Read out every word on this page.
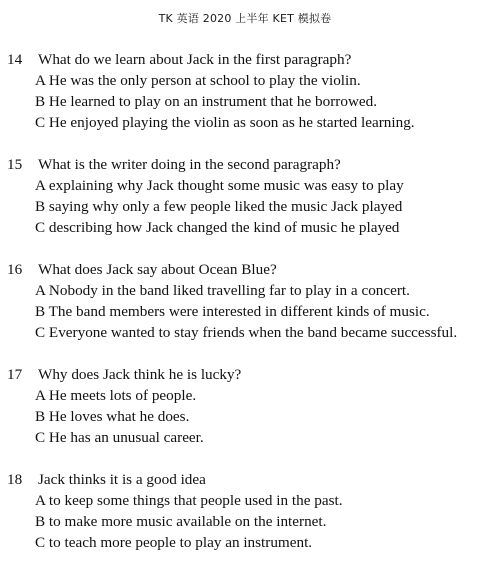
TK 英语 2020 上半年 KET 模拟卷
14 What do we learn about Jack in the first paragraph?
A He was the only person at school to play the violin.
B He learned to play on an instrument that he borrowed.
C He enjoyed playing the violin as soon as he started learning.
15 What is the writer doing in the second paragraph?
A explaining why Jack thought some music was easy to play
B saying why only a few people liked the music Jack played
C describing how Jack changed the kind of music he played
16 What does Jack say about Ocean Blue?
A Nobody in the band liked travelling far to play in a concert.
B The band members were interested in different kinds of music.
C Everyone wanted to stay friends when the band became successful.
17 Why does Jack think he is lucky?
A He meets lots of people.
B He loves what he does.
C He has an unusual career.
18 Jack thinks it is a good idea
A to keep some things that people used in the past.
B to make more music available on the internet.
C to teach more people to play an instrument.
